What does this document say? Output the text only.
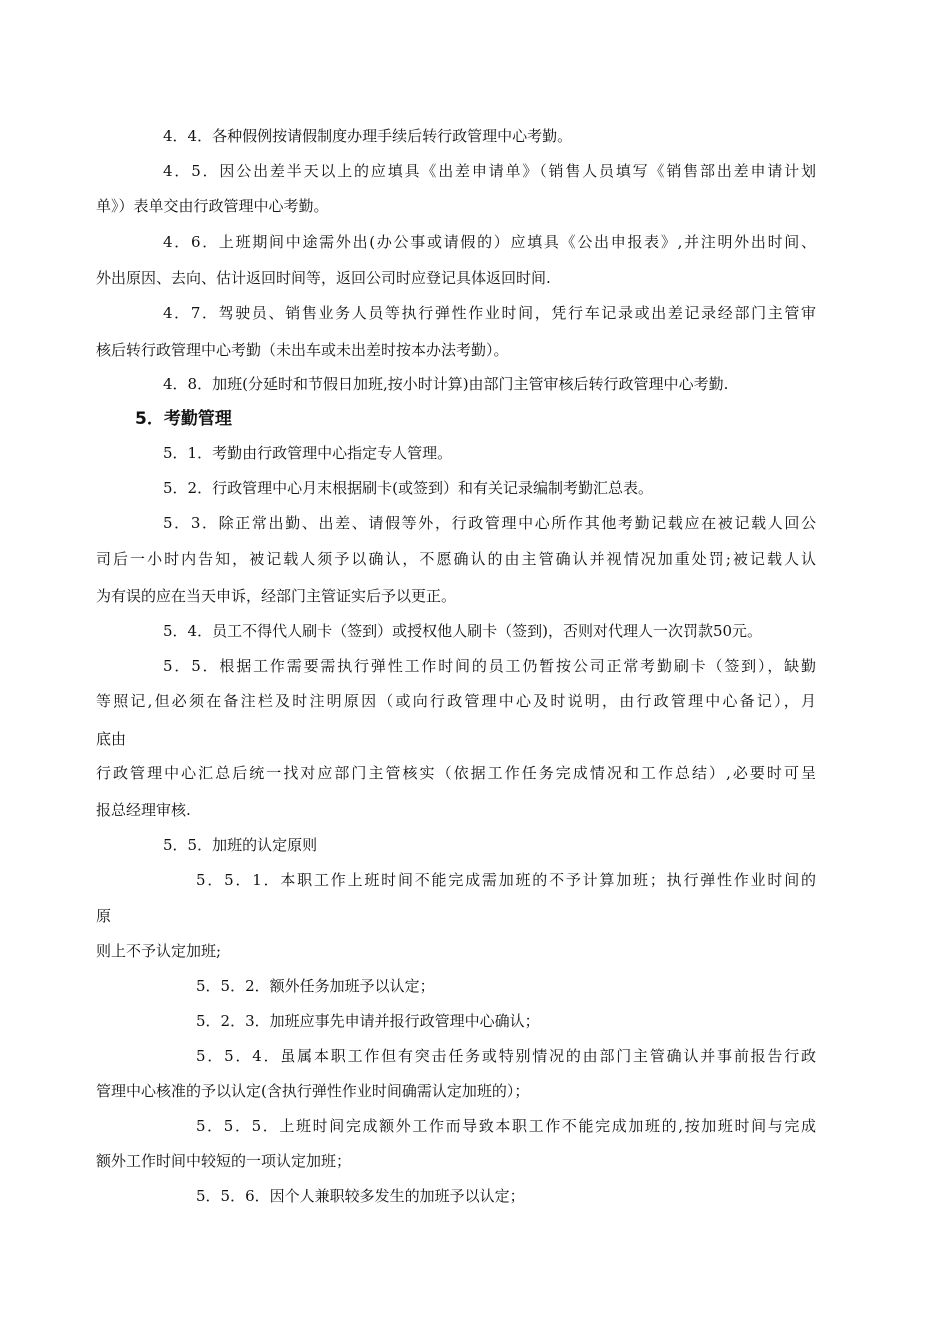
4．4．各种假例按请假制度办理手续后转行政管理中心考勤。
4．5．因公出差半天以上的应填具《出差申请单》（销售人员填写《销售部出差申请计划
单》）表单交由行政管理中心考勤。
4．6．上班期间中途需外出(办公事或请假的）应填具《公出申报表》,并注明外出时间、
外出原因、去向、估计返回时间等，返回公司时应登记具体返回时间.
4．7．驾驶员、销售业务人员等执行弹性作业时间，凭行车记录或出差记录经部门主管审
核后转行政管理中心考勤（未出车或未出差时按本办法考勤）。
4．8．加班(分延时和节假日加班,按小时计算)由部门主管审核后转行政管理中心考勤.
5．考勤管理
5．1．考勤由行政管理中心指定专人管理。
5．2．行政管理中心月末根据刷卡(或签到）和有关记录编制考勤汇总表。
5．3．除正常出勤、出差、请假等外，行政管理中心所作其他考勤记载应在被记载人回公
司后一小时内告知，被记载人须予以确认，不愿确认的由主管确认并视情况加重处罚;被记载人认
为有误的应在当天申诉，经部门主管证实后予以更正。
5．4．员工不得代人刷卡（签到）或授权他人刷卡（签到)，否则对代理人一次罚款50元。
5．5．根据工作需要需执行弹性工作时间的员工仍暂按公司正常考勤刷卡（签到），缺勤
等照记,但必须在备注栏及时注明原因（或向行政管理中心及时说明，由行政管理中心备记），月
底由
行政管理中心汇总后统一找对应部门主管核实（依据工作任务完成情况和工作总结）,必要时可呈
报总经理审核.
5．5．加班的认定原则
5．5．1．本职工作上班时间不能完成需加班的不予计算加班；执行弹性作业时间的
原
则上不予认定加班;
5．5．2．额外任务加班予以认定；
5．2．3．加班应事先申请并报行政管理中心确认；
5．5．4．虽属本职工作但有突击任务或特别情况的由部门主管确认并事前报告行政
管理中心核准的予以认定(含执行弹性作业时间确需认定加班的）；
5．5．5．上班时间完成额外工作而导致本职工作不能完成加班的,按加班时间与完成
额外工作时间中较短的一项认定加班；
5．5．6．因个人兼职较多发生的加班予以认定；
